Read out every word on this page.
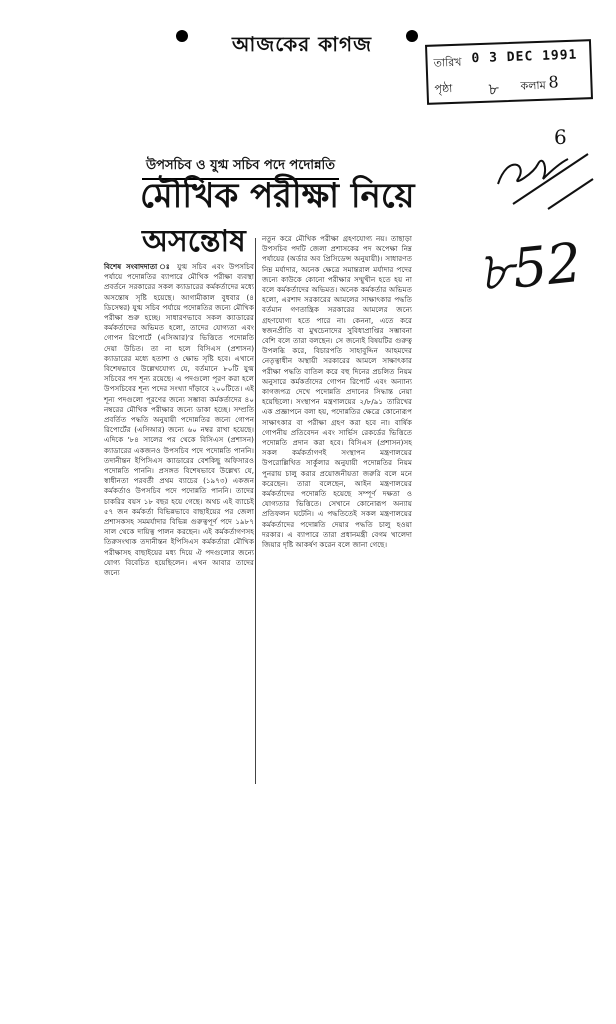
আজকের কাগজ
তারিখ 0 3 DEC 1991
পৃষ্ঠা ৮ কলাম 8
6
৮52
উপসচিব ও যুগ্ম সচিব পদে পদোন্নতি
মৌখিক পরীক্ষা নিয়ে
অসন্তোষ
বিশেষ সংবাদদাতা ঃ যুগ্ম সচিব এবং উপসচিব পর্যায়ে পদোন্নতির ব্যাপারে মৌখিক পরীক্ষা ব্যবস্থা প্রবর্তনে সরকারের সকল ক্যাডারের কর্মকর্তাদের মধ্যে অসন্তোষ সৃষ্টি হয়েছে। আগামীকাল বুধবার (৪ ডিসেম্বর) যুগ্ম সচিব পর্যায়ে পদোন্নতির জন্যে মৌখিক পরীক্ষা শুরু হচ্ছে। সাধারণভাবে সকল ক্যাডারের কর্মকর্তাদের অভিমত হলো, তাদের যোগ্যতা এবং গোপন রিপোর্টে (এসিআর)'র ভিত্তিতে পদোন্নতি দেয়া উচিত। তা না হলে বিসিএস (প্রশাসন) ক্যাডারের মধ্যে হতাশা ও ক্ষোভ সৃষ্টি হবে। এখানে বিশেষভাবে উল্লেখযোগ্য যে, বর্তমানে ৮০টি যুগ্ম সচিবের পদ শূন্য রয়েছে। এ পদগুলো পূরণ করা হলে উপসচিবের শূন্য পদের সংখ্যা দাঁড়াবে ২০০টিতে। এই শূন্য পদগুলো পূরণের জন্যে সম্ভাব্য কর্মকর্তাদের ৪০ নম্বরের মৌখিক পরীক্ষার জন্যে ডাকা হচ্ছে। সম্প্রতি প্রবর্তিত পদ্ধতি অনুযায়ী পদোন্নতির জন্যে গোপন রিপোর্টের (এসিআর) জন্যে ৬০ নম্বর রাখা হয়েছে। এদিকে '৮৪ সালের পর থেকে বিসিএস (প্রশাসন) ক্যাডারের একজনও উপসচিব পদে পদোন্নতি পাননি। তদানীন্তন ইপিসিএস ক্যাডারের বেশকিছু অফিসারও পদোন্নতি পাননি। প্রসঙ্গত বিশেষভাবে উল্লেখ্য যে, স্বাধীনতা পরবর্তী প্রথম ব্যাচের (১৯৭৩) একজন কর্মকর্তাও উপসচিব পদে পদোন্নতি পাননি। তাদের চাকরির বয়স ১৮ বছর হয়ে গেছে। অথচ এই ব্যাচেই ৫৭ জন কর্মকর্তা বিভিন্নভাবে বাছাইয়ের পর জেলা প্রশাসকসহ সমমর্যাদার বিভিন্ন গুরুত্বপূর্ণ পদে ১৯৮৭ সাল থেকে দায়িত্ব পালন করছেন। এই কর্মকর্তাগণসহ তিরুসংখ্যক তদানীন্তন ইপিসিএস কর্মকর্তারা মৌখিক পরীক্ষাসহ বাছাইয়ের মধ্য দিয়ে ঐ পদগুলোর জন্যে যোগ্য বিবেচিত হয়েছিলেন। এখন আবার তাদের জন্যে
নতুন করে মৌখিক পরীক্ষা গ্রহণযোগ্য নয়। তাছাড়া উপসচিব পদটি জেলা প্রশাসকের পদ অপেক্ষা নিম্ন পর্যায়ের (অর্ডার অব প্রিসিডেন্স অনুযায়ী)। সাধারণত নিম্ন মর্যাদার, অনেক ক্ষেত্রে সমান্তরাল মর্যাদার পদের জন্যে কাউকে কোনো পরীক্ষার সম্মুখীন হতে হয় না বলে কর্মকর্তাদের অভিমত। অনেক কর্মকর্তার অভিমত হলো, এরশাদ সরকারের আমলের সাক্ষাৎকার পদ্ধতি বর্তমান গণতান্ত্রিক সরকারের আমলের জন্যে গ্রহণযোগ্য হতে পারে না। কেননা, এতে করে স্বজনপ্রীতি বা মুখচেনাদের সুবিধাপ্রাপ্তির সম্ভাবনা বেশি বলে তারা বলছেন। সে জন্যেই বিষয়টির গুরুত্ব উপলব্ধি করে, বিচারপতি সাহাবুদ্দিন আহমদের নেতৃত্বাধীন অস্থায়ী সরকারের আমলে সাক্ষাৎকার পরীক্ষা পদ্ধতি বাতিল করে বহু দিনের প্রচলিত নিয়ম অনুসারে কর্মকর্তাদের গোপন রিপোর্ট এবং অন্যান্য কাগজপত্র দেখে পদোন্নতি প্রদানের সিদ্ধান্ত নেয়া হয়েছিলো। সংস্থাপন মন্ত্রণালয়ের ২/৮/৯১ তারিখের এক প্রজ্ঞাপনে বলা হয়, পদোন্নতির ক্ষেত্রে কোনোরূপ সাক্ষাৎকার বা পরীক্ষা গ্রহণ করা হবে না। বার্ষিক গোপনীয় প্রতিবেদন এবং সার্ভিস রেকর্ডের ভিত্তিতে পদোন্নতি প্রদান করা হবে। বিসিএস (প্রশাসন)সহ সকল কর্মকর্তাগণই সংস্থাপন মন্ত্রণালয়ের উপরোল্লিখিত সার্কুলার অনুযায়ী পদোন্নতির নিয়ম পুনরায় চালু করার প্রয়োজনীয়তা জরুরি বলে মনে করেছেন। তারা বলেছেন, আইন মন্ত্রণালয়ের কর্মকর্তাদের পদোন্নতি হয়েছে সম্পূর্ণ দক্ষতা ও যোগ্যতার ভিত্তিতে। সেখানে কোনোরূপ অন্যায় প্রতিফলন ঘটেনি। এ পদ্ধতিতেই সকল মন্ত্রণালয়ের কর্মকর্তাদের পদোন্নতি দেয়ার পদ্ধতি চালু হওয়া দরকার। এ ব্যাপারে তারা প্রধানমন্ত্রী বেগম খালেদা জিয়ার দৃষ্টি আকর্ষণ করেন বলে জানা গেছে।
